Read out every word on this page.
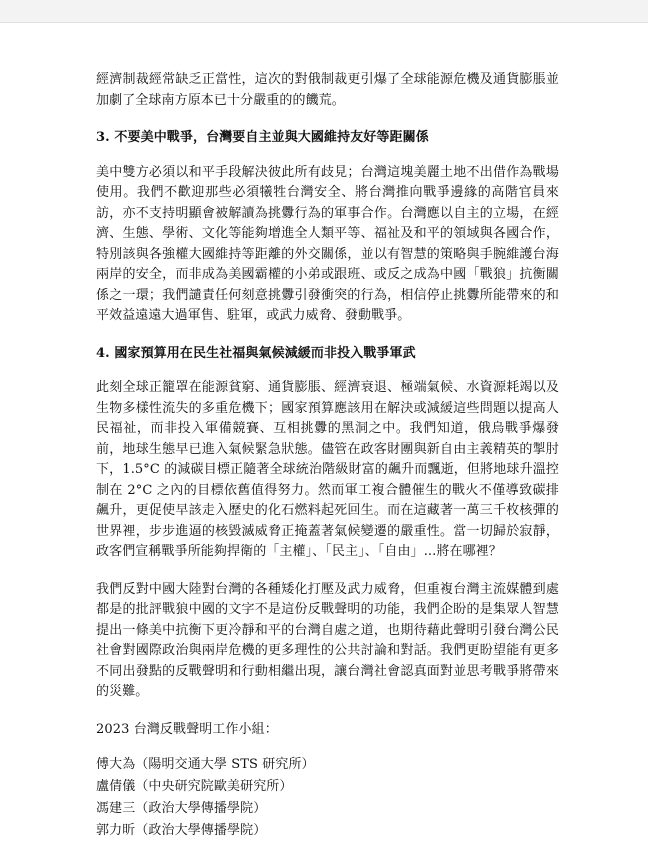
經濟制裁經常缺乏正當性，這次的對俄制裁更引爆了全球能源危機及通貨膨脹並加劇了全球南方原本已十分嚴重的的饑荒。

3. 不要美中戰爭，台灣要自主並與大國維持友好等距關係

美中雙方必須以和平手段解決彼此所有歧見；台灣這塊美麗土地不出借作為戰場使用。我們不歡迎那些必須犧牲台灣安全、將台灣推向戰爭邊緣的高階官員來訪，亦不支持明顯會被解讀為挑釁行為的軍事合作。台灣應以自主的立場，在經濟、生態、學術、文化等能夠增進全人類平等、福祉及和平的領域與各國合作，特別該與各強權大國維持等距離的外交關係，並以有智慧的策略與手腕維護台海兩岸的安全，而非成為美國霸權的小弟或跟班、或反之成為中國「戰狼」抗衡關係之一環；我們譴責任何刻意挑釁引發衝突的行為，相信停止挑釁所能帶來的和平效益遠遠大過軍售、駐軍，或武力威脅、發動戰爭。

4. 國家預算用在民生社福與氣候減緩而非投入戰爭軍武

此刻全球正籠罩在能源貧窮、通貨膨脹、經濟衰退、極端氣候、水資源耗竭以及生物多樣性流失的多重危機下；國家預算應該用在解決或減緩這些問題以提高人民福祉，而非投入軍備競賽、互相挑釁的黑洞之中。我們知道，俄烏戰爭爆發前，地球生態早已進入氣候緊急狀態。儘管在政客財團與新自由主義精英的掣肘下，1.5°C 的減碳目標正隨著全球統治階級財富的飆升而飄逝，但將地球升溫控制在 2°C 之內的目標依舊值得努力。然而軍工複合體催生的戰火不僅導致碳排飆升，更促使早該走入歷史的化石燃料起死回生。而在這藏著一萬三千枚核彈的世界裡，步步進逼的核毀滅威脅正掩蓋著氣候變遷的嚴重性。當一切歸於寂靜，政客們宣稱戰爭所能夠捍衛的「主權」、「民主」、「自由」...將在哪裡？

我們反對中國大陸對台灣的各種矮化打壓及武力威脅，但重複台灣主流媒體到處都是的批評戰狼中國的文字不是這份反戰聲明的功能，我們企盼的是集眾人智慧提出一條美中抗衡下更冷靜和平的台灣自處之道，也期待藉此聲明引發台灣公民社會對國際政治與兩岸危機的更多理性的公共討論和對話。我們更盼望能有更多不同出發點的反戰聲明和行動相繼出現，讓台灣社會認真面對並思考戰爭將帶來的災難。

2023 台灣反戰聲明工作小組：

傅大為（陽明交通大學 STS 研究所）

盧倩儀（中央研究院歐美研究所）

馮建三（政治大學傳播學院）

郭力昕（政治大學傳播學院）
